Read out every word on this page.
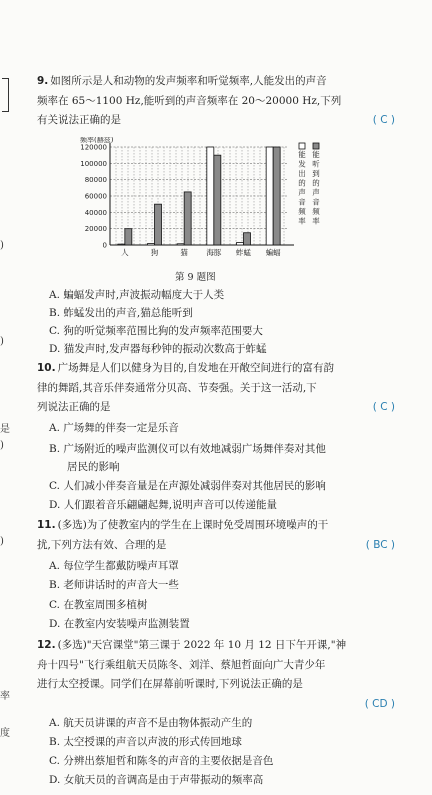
)
)
是
)
)
率
度
9. 如图所示是人和动物的发声频率和听觉频率,人能发出的声音
频率在 65～1100 Hz,能听到的声音频率在 20～20000 Hz,下列
有关说法正确的是	( C )
频率(赫兹)
0
20000
40000
60000
80000
100000
120000
人	狗	猫 海豚 蚱蜢 蝙蝠
能
发
出
的
声
音
频
率
能
听
到
的
声
音
频
率
第 9 题图
A. 蝙蝠发声时,声波振动幅度大于人类
B. 蚱蜢发出的声音,猫总能听到
C. 狗的听觉频率范围比狗的发声频率范围要大
D. 猫发声时,发声器每秒钟的振动次数高于蚱蜢
10. 广场舞是人们以健身为目的,自发地在开敞空间进行的富有韵
律的舞蹈,其音乐伴奏通常分贝高、节奏强。关于这一活动,下
列说法正确的是	( C )
A. 广场舞的伴奏一定是乐音
B. 广场附近的噪声监测仪可以有效地减弱广场舞伴奏对其他
居民的影响
C. 人们减小伴奏音量是在声源处减弱伴奏对其他居民的影响
D. 人们跟着音乐翩翩起舞,说明声音可以传递能量
11. (多选)为了使教室内的学生在上课时免受周围环境噪声的干
扰,下列方法有效、合理的是	( BC )
A. 每位学生都戴防噪声耳罩
B. 老师讲话时的声音大一些
C. 在教室周围多植树
D. 在教室内安装噪声监测装置
12. (多选)"天宫课堂"第三课于 2022 年 10 月 12 日下午开课,"神
舟十四号"飞行乘组航天员陈冬、刘洋、蔡旭哲面向广大青少年
进行太空授课。同学们在屏幕前听课时,下列说法正确的是
( CD )
A. 航天员讲课的声音不是由物体振动产生的
B. 太空授课的声音以声波的形式传回地球
C. 分辨出蔡旭哲和陈冬的声音的主要依据是音色
D. 女航天员的音调高是由于声带振动的频率高
